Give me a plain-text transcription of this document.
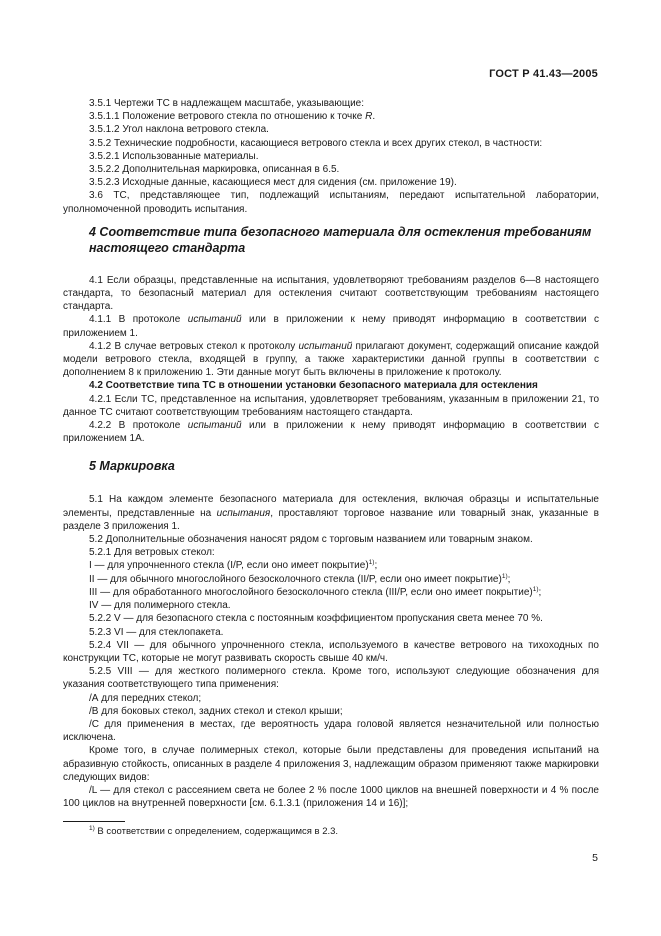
ГОСТ Р 41.43—2005

3.5.1 Чертежи ТС в надлежащем масштабе, указывающие:

3.5.1.1 Положение ветрового стекла по отношению к точке R.

3.5.1.2 Угол наклона ветрового стекла.

3.5.2 Технические подробности, касающиеся ветрового стекла и всех других стекол, в частности:

3.5.2.1 Использованные материалы.

3.5.2.2 Дополнительная маркировка, описанная в 6.5.

3.5.2.3 Исходные данные, касающиеся мест для сидения (см. приложение 19).

3.6 ТС, представляющее тип, подлежащий испытаниям, передают испытательной лаборатории, уполномоченной проводить испытания.

4 Соответствие типа безопасного материала для остекления требованиям настоящего стандарта

4.1 Если образцы, представленные на испытания, удовлетворяют требованиям разделов 6—8 настоящего стандарта, то безопасный материал для остекления считают соответствующим требованиям настоящего стандарта.

4.1.1 В протоколе испытаний или в приложении к нему приводят информацию в соответствии с приложением 1.

4.1.2 В случае ветровых стекол к протоколу испытаний прилагают документ, содержащий описание каждой модели ветрового стекла, входящей в группу, а также характеристики данной группы в соответствии с дополнением 8 к приложению 1. Эти данные могут быть включены в приложение к протоколу.

4.2 Соответствие типа ТС в отношении установки безопасного материала для остекления

4.2.1 Если ТС, представленное на испытания, удовлетворяет требованиям, указанным в приложении 21, то данное ТС считают соответствующим требованиям настоящего стандарта.

4.2.2 В протоколе испытаний или в приложении к нему приводят информацию в соответствии с приложением 1А.

5 Маркировка

5.1 На каждом элементе безопасного материала для остекления, включая образцы и испытательные элементы, представленные на испытания, проставляют торговое название или товарный знак, указанные в разделе 3 приложения 1.

5.2 Дополнительные обозначения наносят рядом с торговым названием или товарным знаком.

5.2.1 Для ветровых стекол:

I — для упрочненного стекла (I/P, если оно имеет покрытие)$^{1)}$;

II — для обычного многослойного безосколочного стекла (II/P, если оно имеет покрытие)$^{1)}$;

III — для обработанного многослойного безосколочного стекла (III/P, если оно имеет покрытие)$^{1)}$;

IV — для полимерного стекла.

5.2.2 V — для безопасного стекла с постоянным коэффициентом пропускания света менее 70 %.

5.2.3 VI — для стеклопакета.

5.2.4 VII — для обычного упрочненного стекла, используемого в качестве ветрового на тихоходных по конструкции ТС, которые не могут развивать скорость свыше 40 км/ч.

5.2.5 VIII — для жесткого полимерного стекла. Кроме того, используют следующие обозначения для указания соответствующего типа применения:

/А для передних стекол;

/В для боковых стекол, задних стекол и стекол крыши;

/С для применения в местах, где вероятность удара головой является незначительной или полностью исключена.

Кроме того, в случае полимерных стекол, которые были представлены для проведения испытаний на абразивную стойкость, описанных в разделе 4 приложения 3, надлежащим образом применяют также маркировки следующих видов:

/L — для стекол с рассеянием света не более 2 % после 1000 циклов на внешней поверхности и 4 % после 100 циклов на внутренней поверхности [см. 6.1.3.1 (приложения 14 и 16)];

$^{1)}$ В соответствии с определением, содержащимся в 2.3.
5
